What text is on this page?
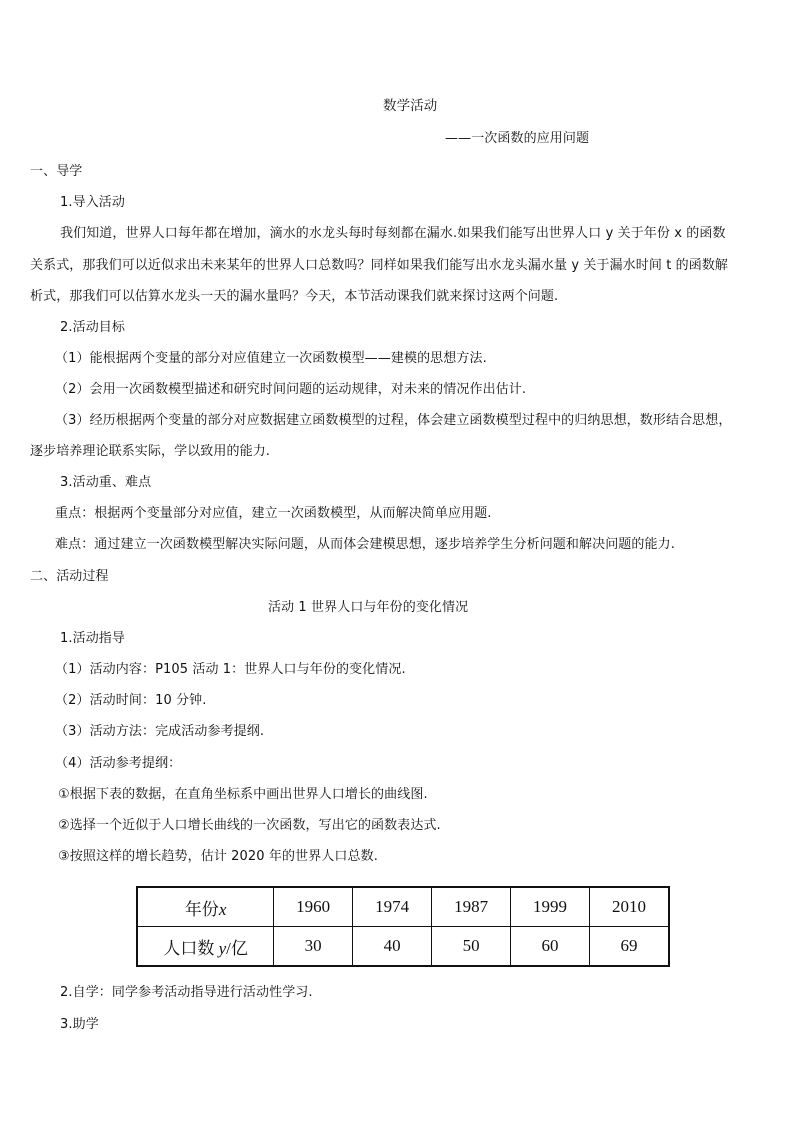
数学活动
——一次函数的应用问题
一、导学
1.导入活动
我们知道，世界人口每年都在增加，滴水的水龙头每时每刻都在漏水.如果我们能写出世界人口 y 关于年份 x 的函数
关系式，那我们可以近似求出未来某年的世界人口总数吗？同样如果我们能写出水龙头漏水量 y 关于漏水时间 t 的函数解
析式，那我们可以估算水龙头一天的漏水量吗？今天，本节活动课我们就来探讨这两个问题.
2.活动目标
（1）能根据两个变量的部分对应值建立一次函数模型——建模的思想方法.
（2）会用一次函数模型描述和研究时间问题的运动规律，对未来的情况作出估计.
（3）经历根据两个变量的部分对应数据建立函数模型的过程，体会建立函数模型过程中的归纳思想，数形结合思想，
逐步培养理论联系实际，学以致用的能力.
3.活动重、难点
重点：根据两个变量部分对应值，建立一次函数模型，从而解决简单应用题.
难点：通过建立一次函数模型解决实际问题，从而体会建模思想，逐步培养学生分析问题和解决问题的能力.
二、活动过程
活动 1 世界人口与年份的变化情况
1.活动指导
（1）活动内容：P105 活动 1：世界人口与年份的变化情况.
（2）活动时间：10 分钟.
（3）活动方法：完成活动参考提纲.
（4）活动参考提纲：
①根据下表的数据，在直角坐标系中画出世界人口增长的曲线图.
②选择一个近似于人口增长曲线的一次函数，写出它的函数表达式.
③按照这样的增长趋势，估计 2020 年的世界人口总数.
年份x	1960	1974	1987	1999	2010
人口数 y/亿	30	40	50	60	69
2.自学：同学参考活动指导进行活动性学习.
3.助学
